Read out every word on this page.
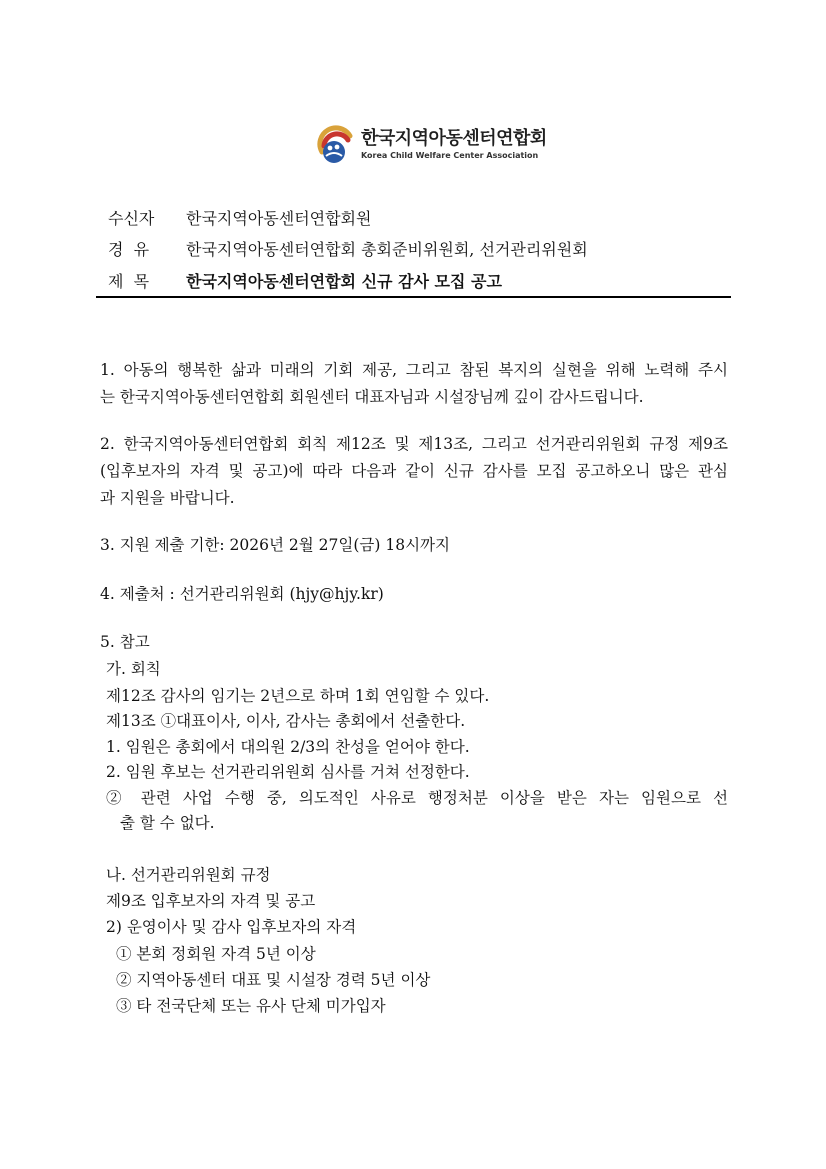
한국지역아동센터연합회
Korea Child Welfare Center Association
수신자	한국지역아동센터연합회원
경  유	한국지역아동센터연합회 총회준비위원회, 선거관리위원회
제  목	한국지역아동센터연합회 신규 감사 모집 공고
1. 아동의 행복한 삶과 미래의 기회 제공, 그리고 참된 복지의 실현을 위해 노력해 주시
는 한국지역아동센터연합회 회원센터 대표자님과 시설장님께 깊이 감사드립니다.
2. 한국지역아동센터연합회 회칙 제12조 및 제13조, 그리고 선거관리위원회 규정 제9조
(입후보자의 자격 및 공고)에 따라 다음과 같이 신규 감사를 모집 공고하오니 많은 관심
과 지원을 바랍니다.
3. 지원 제출 기한: 2026년 2월 27일(금) 18시까지
4. 제출처 : 선거관리위원회 (hjy@hjy.kr)
5. 참고
가. 회칙
제12조 감사의 임기는 2년으로 하며 1회 연임할 수 있다.
제13조 ①대표이사, 이사, 감사는 총회에서 선출한다.
1. 임원은 총회에서 대의원 2/3의 찬성을 얻어야 한다.
2. 임원 후보는 선거관리위원회 심사를 거쳐 선정한다.
② 관련 사업 수행 중, 의도적인 사유로 행정처분 이상을 받은 자는 임원으로 선
출 할 수 없다.
나. 선거관리위원회 규정
제9조 입후보자의 자격 및 공고
2) 운영이사 및 감사 입후보자의 자격
① 본회 정회원 자격 5년 이상
② 지역아동센터 대표 및 시설장 경력 5년 이상
③ 타 전국단체 또는 유사 단체 미가입자
